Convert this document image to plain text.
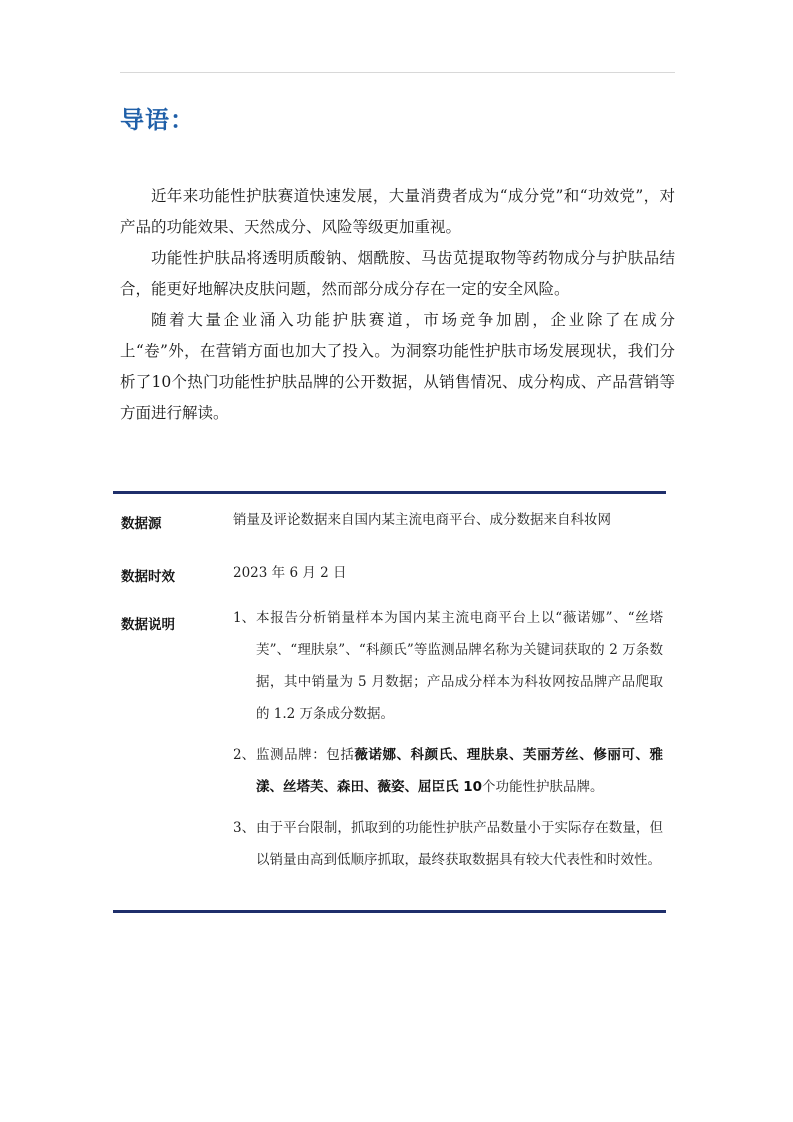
导语：

近年来功能性护肤赛道快速发展，大量消费者成为“成分党”和“功效党”，对产品的功能效果、天然成分、风险等级更加重视。

功能性护肤品将透明质酸钠、烟酰胺、马齿苋提取物等药物成分与护肤品结合，能更好地解决皮肤问题，然而部分成分存在一定的安全风险。

随着大量企业涌入功能护肤赛道，市场竞争加剧，企业除了在成分上“卷”外，在营销方面也加大了投入。为洞察功能性护肤市场发展现状，我们分析了10个热门功能性护肤品牌的公开数据，从销售情况、成分构成、产品营销等方面进行解读。

数据源	销量及评论数据来自国内某主流电商平台、成分数据来自科妆网
数据时效	2023 年 6 月 2 日
数据说明	1、 本报告分析销量样本为国内某主流电商平台上以“薇诺娜”、“丝塔芙”、“理肤泉”、“科颜氏”等监测品牌名称为关键词获取的 2 万条数据，其中销量为 5 月数据；产品成分样本为科妆网按品牌产品爬取的 1.2 万条成分数据。
2、 监测品牌：包括薇诺娜、科颜氏、理肤泉、芙丽芳丝、修丽可、雅漾、丝塔芙、森田、薇姿、屈臣氏 10个功能性护肤品牌。
3、 由于平台限制，抓取到的功能性护肤产品数量小于实际存在数量，但以销量由高到低顺序抓取，最终获取数据具有较大代表性和时效性。
